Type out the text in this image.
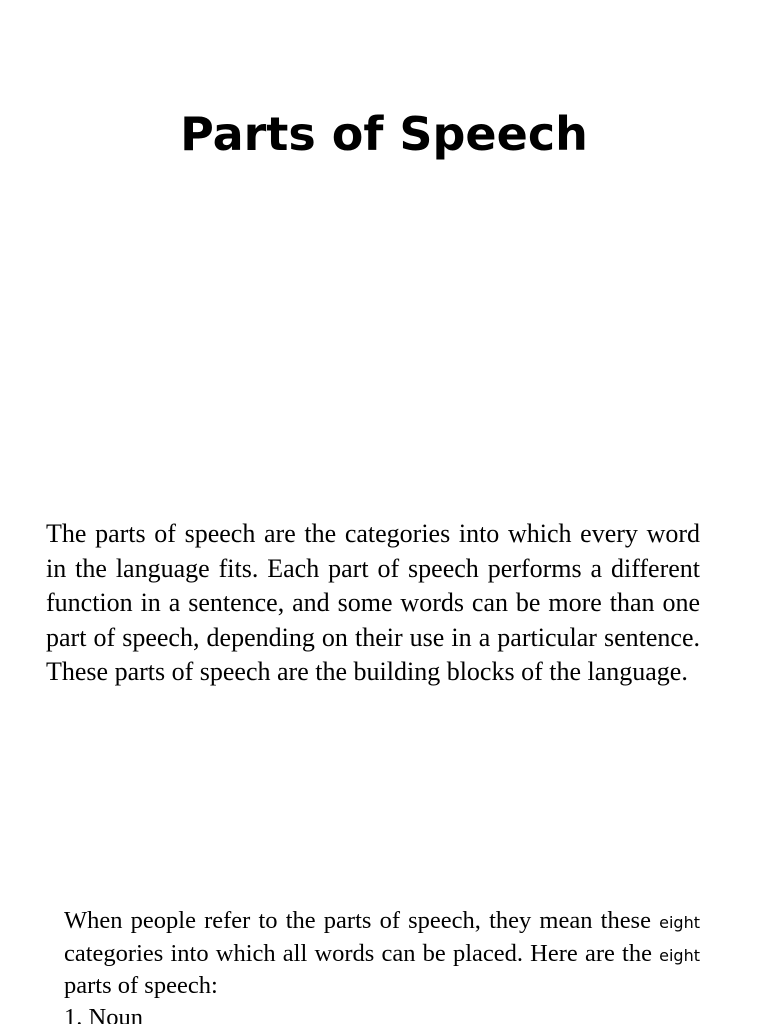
Parts of Speech

The parts of speech are the categories into which every word in the language fits. Each part of speech performs a different function in a sentence, and some words can be more than one part of speech, depending on their use in a particular sentence. These parts of speech are the building blocks of the language.

When people refer to the parts of speech, they mean these eight categories into which all words can be placed. Here are the eight parts of speech:

1. Noun
